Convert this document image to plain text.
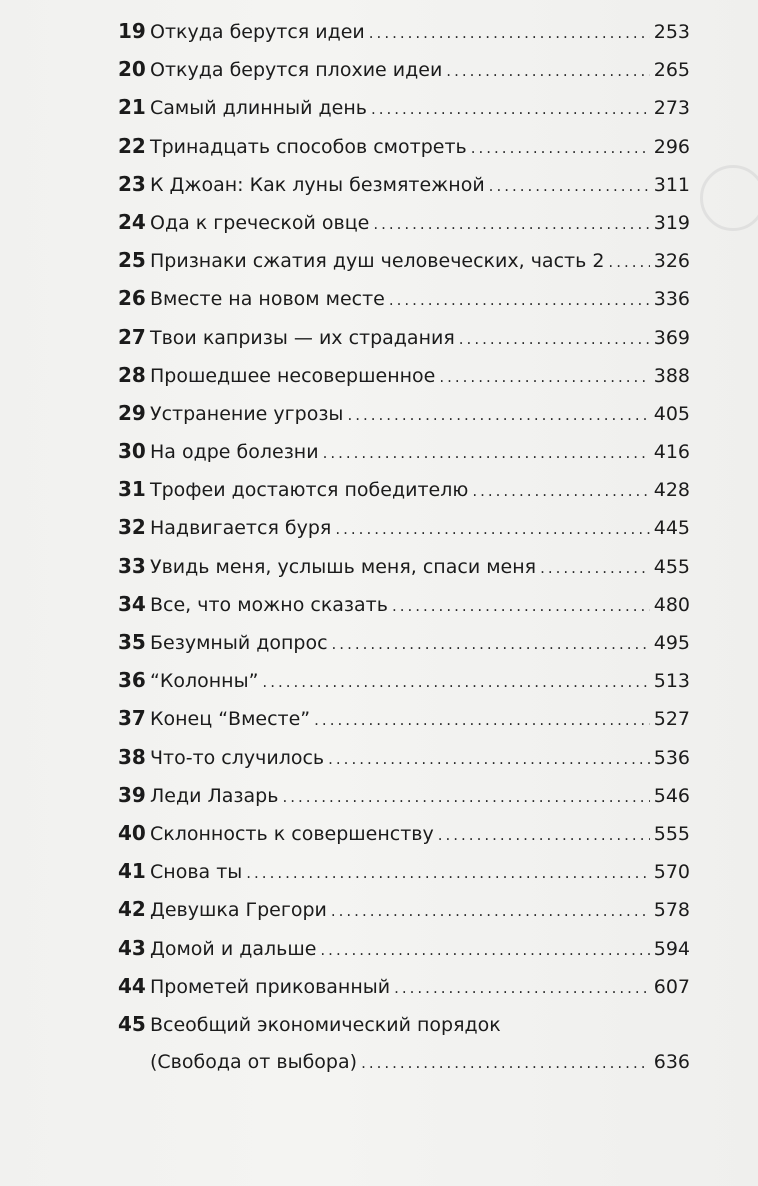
19 Откуда берутся идеи .....	253
20 Откуда берутся плохие идеи .....	265
21 Самый длинный день .....	273
22 Тринадцать способов смотреть .....	296
23 К Джоан: Как луны безмятежной .....	311
24 Ода к греческой овце .....	319
25 Признаки сжатия душ человеческих, часть 2 .....	326
26 Вместе на новом месте .....	336
27 Твои капризы — их страдания .....	369
28 Прошедшее несовершенное .....	388
29 Устранение угрозы .....	405
30 На одре болезни .....	416
31 Трофеи достаются победителю .....	428
32 Надвигается буря .....	445
33 Увидь меня, услышь меня, спаси меня .....	455
34 Все, что можно сказать .....	480
35 Безумный допрос .....	495
36 “Колонны” .....	513
37 Конец “Вместе” .....	527
38 Что-то случилось .....	536
39 Леди Лазарь .....	546
40 Склонность к совершенству .....	555
41 Снова ты .....	570
42 Девушка Грегори .....	578
43 Домой и дальше .....	594
44 Прометей прикованный .....	607
45 Всеобщий экономический порядок
(Свобода от выбора) .....	636
